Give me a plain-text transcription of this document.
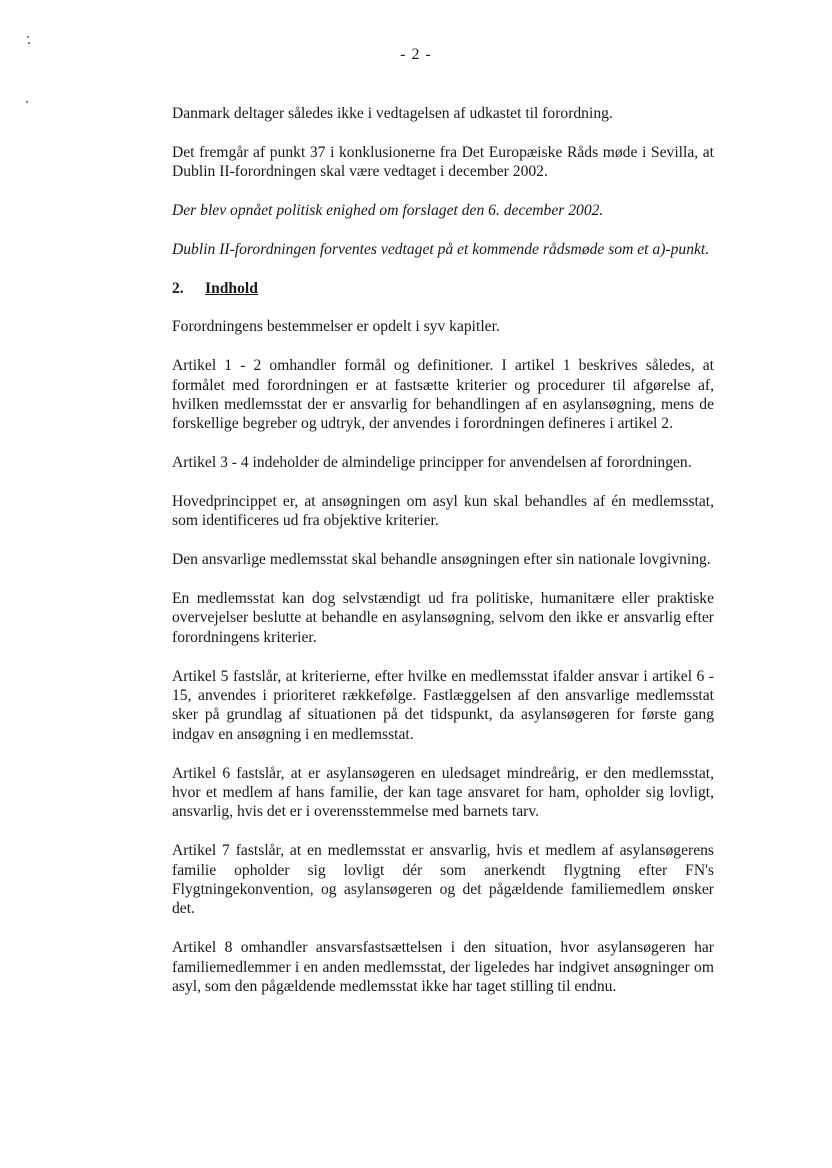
- 2 -

Danmark deltager således ikke i vedtagelsen af udkastet til forordning.

Det fremgår af punkt 37 i konklusionerne fra Det Europæiske Råds møde i Sevilla, at Dublin II-forordningen skal være vedtaget i december 2002.

Der blev opnået politisk enighed om forslaget den 6. december 2002.

Dublin II-forordningen forventes vedtaget på et kommende rådsmøde som et a)-punkt.

2. Indhold

Forordningens bestemmelser er opdelt i syv kapitler.

Artikel 1 - 2 omhandler formål og definitioner. I artikel 1 beskrives således, at formålet med forordningen er at fastsætte kriterier og procedurer til afgørelse af, hvilken medlemsstat der er ansvarlig for behandlingen af en asylansøgning, mens de forskellige begreber og udtryk, der anvendes i forordningen defineres i artikel 2.

Artikel 3 - 4 indeholder de almindelige principper for anvendelsen af forordningen.

Hovedprincippet er, at ansøgningen om asyl kun skal behandles af én medlemsstat, som identificeres ud fra objektive kriterier.

Den ansvarlige medlemsstat skal behandle ansøgningen efter sin nationale lovgivning.

En medlemsstat kan dog selvstændigt ud fra politiske, humanitære eller praktiske overvejelser beslutte at behandle en asylansøgning, selvom den ikke er ansvarlig efter forordningens kriterier.

Artikel 5 fastslår, at kriterierne, efter hvilke en medlemsstat ifalder ansvar i artikel 6 - 15, anvendes i prioriteret rækkefølge. Fastlæggelsen af den ansvarlige medlemsstat sker på grundlag af situationen på det tidspunkt, da asylansøgeren for første gang indgav en ansøgning i en medlemsstat.

Artikel 6 fastslår, at er asylansøgeren en uledsaget mindreårig, er den medlemsstat, hvor et medlem af hans familie, der kan tage ansvaret for ham, opholder sig lovligt, ansvarlig, hvis det er i overensstemmelse med barnets tarv.

Artikel 7 fastslår, at en medlemsstat er ansvarlig, hvis et medlem af asylansøgerens familie opholder sig lovligt dér som anerkendt flygtning efter FN's Flygtningekonvention, og asylansøgeren og det pågældende familiemedlem ønsker det.

Artikel 8 omhandler ansvarsfastsættelsen i den situation, hvor asylansøgeren har familiemedlemmer i en anden medlemsstat, der ligeledes har indgivet ansøgninger om asyl, som den pågældende medlemsstat ikke har taget stilling til endnu.
